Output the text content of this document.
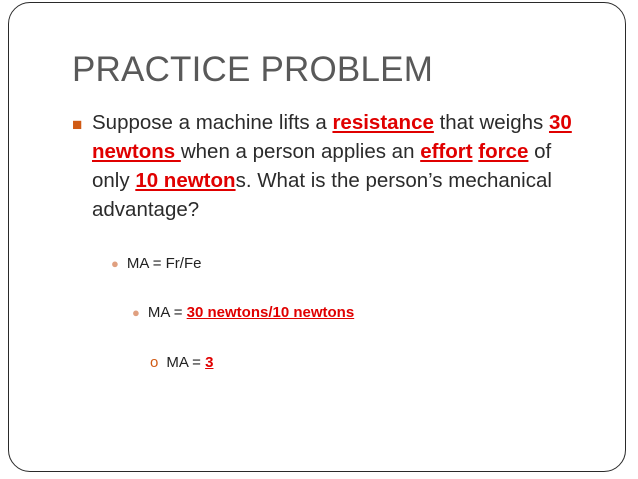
PRACTICE PROBLEM
■ Suppose a machine lifts a resistance that weighs 30 newtons when a person applies an effort force of only 10 newtons. What is the person’s mechanical advantage?
● MA = Fr/Fe
● MA = 30 newtons/10 newtons
o MA = 3
